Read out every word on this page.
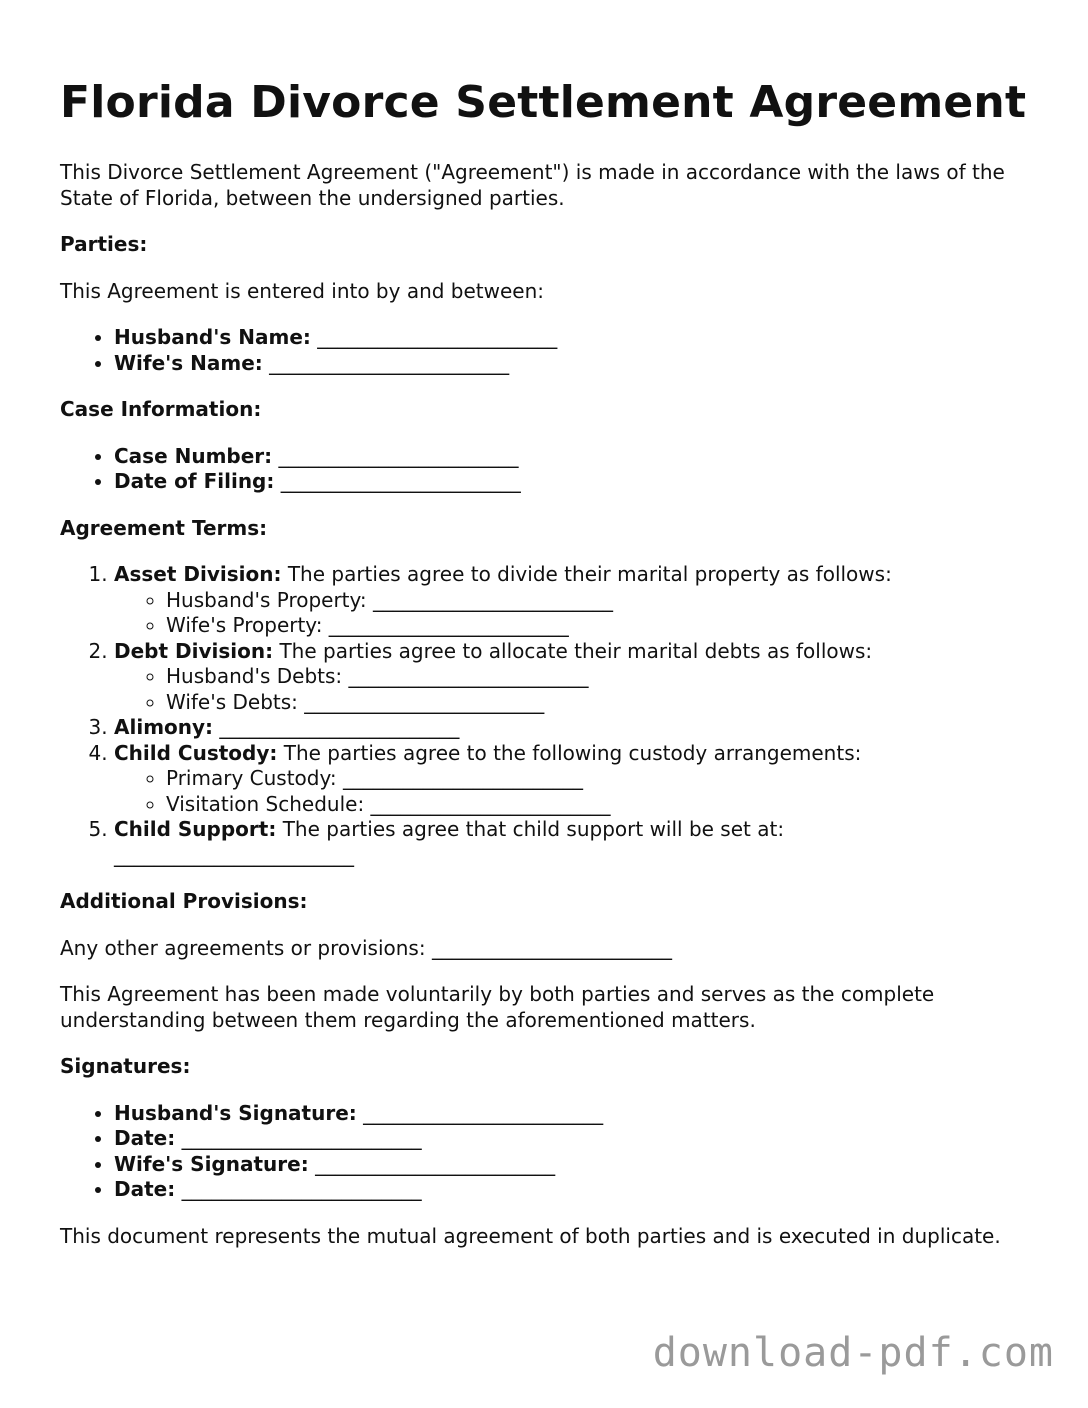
Florida Divorce Settlement Agreement

This Divorce Settlement Agreement ("Agreement") is made in accordance with the laws of the State of Florida, between the undersigned parties.

Parties:

This Agreement is entered into by and between:

• Husband's Name: ________________________
• Wife's Name: ________________________

Case Information:

• Case Number: ________________________
• Date of Filing: ________________________

Agreement Terms:

1. Asset Division: The parties agree to divide their marital property as follows:
◦ Husband's Property: ________________________
◦ Wife's Property: ________________________
2. Debt Division: The parties agree to allocate their marital debts as follows:
◦ Husband's Debts: ________________________
◦ Wife's Debts: ________________________
3. Alimony: ________________________
4. Child Custody: The parties agree to the following custody arrangements:
◦ Primary Custody: ________________________
◦ Visitation Schedule: ________________________
5. Child Support: The parties agree that child support will be set at:
________________________

Additional Provisions:

Any other agreements or provisions: ________________________

This Agreement has been made voluntarily by both parties and serves as the complete understanding between them regarding the aforementioned matters.

Signatures:

• Husband's Signature: ________________________
• Date: ________________________
• Wife's Signature: ________________________
• Date: ________________________

This document represents the mutual agreement of both parties and is executed in duplicate.

download-pdf.com
